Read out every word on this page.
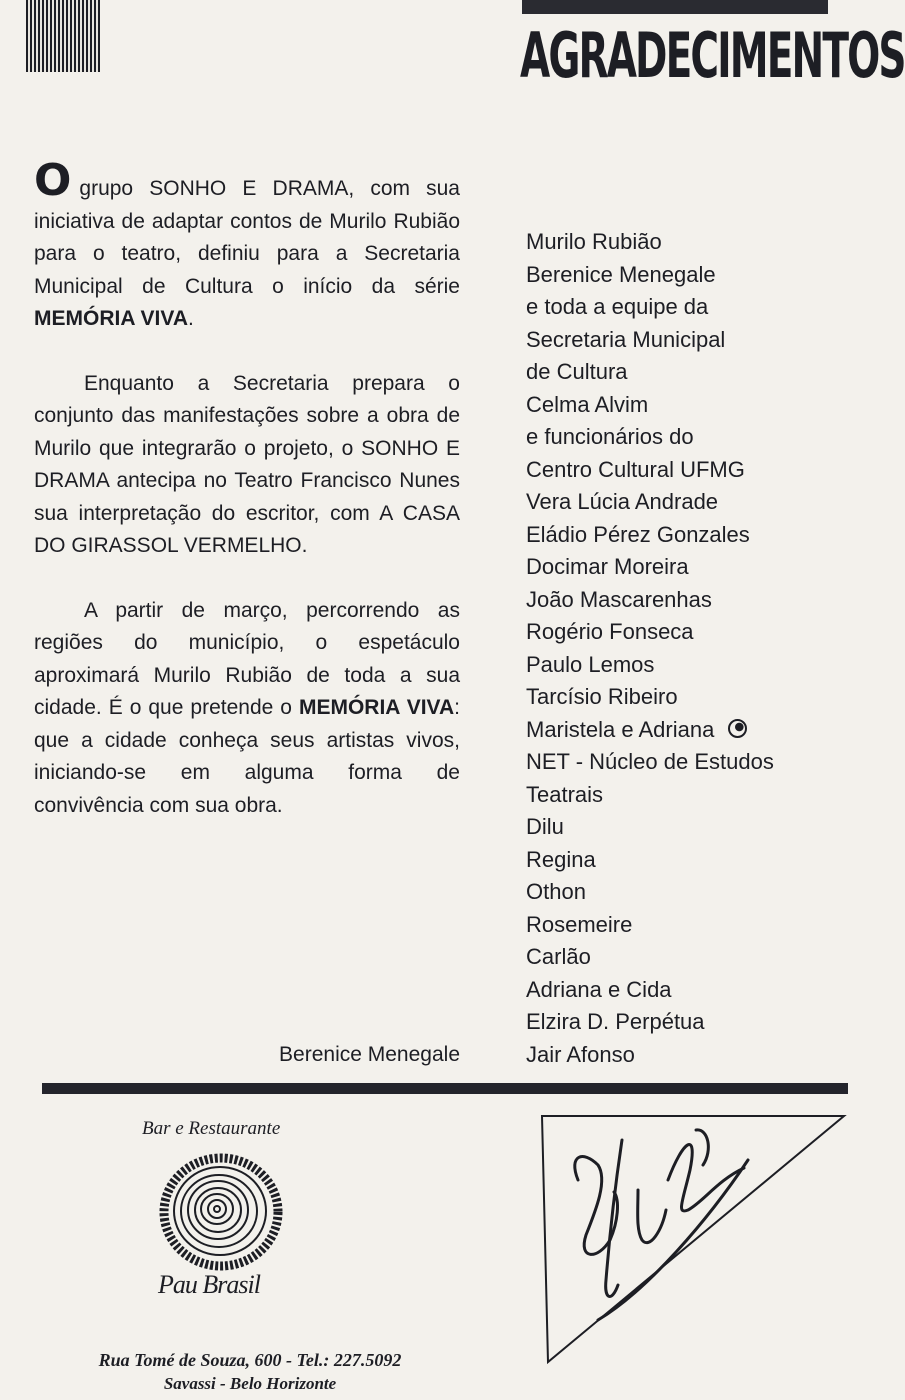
AGRADECIMENTOS

Ogrupo SONHO E DRAMA, com sua iniciativa de adaptar contos de Murilo Rubião para o teatro, definiu para a Secretaria Municipal de Cultura o início da série MEMÓRIA VIVA.

Enquanto a Secretaria prepara o conjunto das manifestações sobre a obra de Murilo que integrarão o projeto, o SONHO E DRAMA antecipa no Teatro Francisco Nunes sua interpretação do escritor, com A CASA DO GIRASSOL VERMELHO.

A partir de março, percorrendo as regiões do município, o espetáculo aproximará Murilo Rubião de toda a sua cidade. É o que pretende o MEMÓRIA VIVA: que a cidade conheça seus artistas vivos, iniciando-se em alguma forma de convivência com sua obra.

Berenice Menegale
Murilo Rubião
Berenice Menegale
e toda a equipe da
Secretaria Municipal
de Cultura
Celma Alvim
e funcionários do
Centro Cultural UFMG
Vera Lúcia Andrade
Eládio Pérez Gonzales
Docimar Moreira
João Mascarenhas
Rogério Fonseca
Paulo Lemos
Tarcísio Ribeiro
Maristela e Adriana
NET - Núcleo de Estudos
Teatrais
Dilu
Regina
Othon
Rosemeire
Carlão
Adriana e Cida
Elzira D. Perpétua
Jair Afonso
Bar e Restaurante
Pau Brasil
Rua Tomé de Souza, 600 - Tel.: 227.5092
Savassi - Belo Horizonte
